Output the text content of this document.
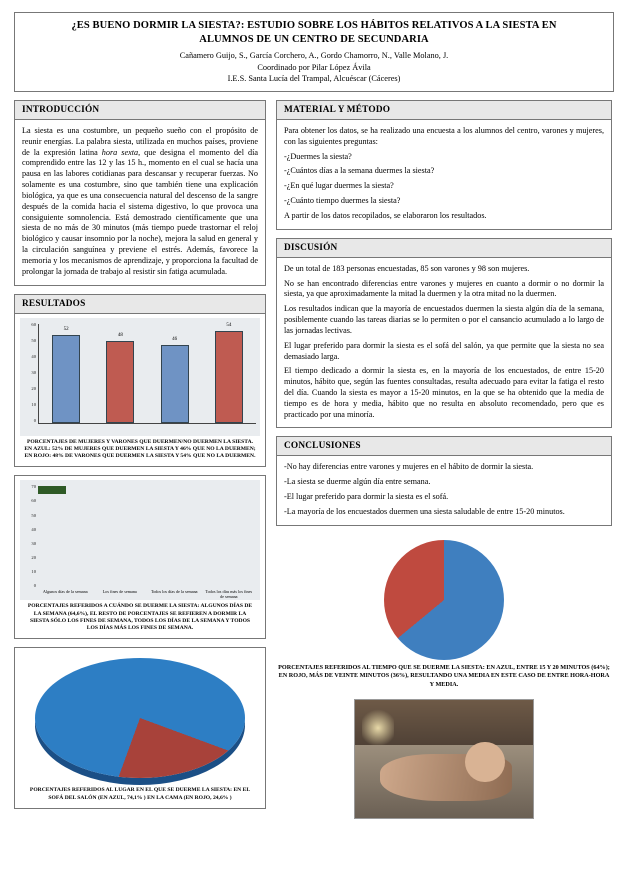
¿ES BUENO DORMIR LA SIESTA?: ESTUDIO SOBRE LOS HÁBITOS RELATIVOS A LA SIESTA EN
ALUMNOS DE UN CENTRO DE SECUNDARIA
Cañamero Guijo, S., García Corchero, A., Gordo Chamorro, N., Valle Molano, J.
Coordinado por Pilar López Ávila
I.E.S. Santa Lucía del Trampal, Alcuéscar (Cáceres)
INTRODUCCIÓN

La siesta es una costumbre, un pequeño sueño con el propósito de reunir energías. La palabra siesta, utilizada en muchos países, proviene de la expresión latina hora sexta, que designa el momento del día comprendido entre las 12 y las 15 h., momento en el cual se hacía una pausa en las labores cotidianas para descansar y recuperar fuerzas. No solamente es una costumbre, sino que también tiene una explicación biológica, ya que es una consecuencia natural del descenso de la sangre después de la comida hacia el sistema digestivo, lo que provoca una consiguiente somnolencia. Está demostrado científicamente que una siesta de no más de 30 minutos (más tiempo puede trastornar el reloj biológico y causar insomnio por la noche), mejora la salud en general y la circulación sanguínea y previene el estrés. Además, favorece la memoria y los mecanismos de aprendizaje, y proporciona la facultad de prolongar la jornada de trabajo al resistir sin fatiga acumulada.

RESULTADOS
60
50
40
30
20
10
0
52
48
46
54
PORCENTAJES DE MUJERES Y VARONES QUE DUERMEN/NO DUERMEN LA SIESTA. EN AZUL: 52% DE MUJERES QUE DUERMEN LA SIESTA Y 46% QUE NO LA DUERMEN; EN ROJO: 48% DE VARONES QUE DUERMEN LA SIESTA Y 54% QUE NO LA DUERMEN.
70
60
50
40
30
20
10
0
Algunos días de la semana	Los fines de semana	Todos los días de la semana	Todos los días más los fines de semana
PORCENTAJES REFERIDOS A CUÁNDO SE DUERME LA SIESTA: ALGUNOS DÍAS DE LA SEMANA (64,6%), EL RESTO DE PORCENTAJES SE REFIEREN A DORMIR LA SIESTA SÓLO LOS FINES DE SEMANA, TODOS LOS DÍAS DE LA SEMANA Y TODOS LOS DÍAS MÁS LOS FINES DE SEMANA.
PORCENTAJES REFERIDOS AL LUGAR EN EL QUE SE DUERME LA SIESTA: EN EL SOFÁ DEL SALÓN (EN AZUL, 74,1% ) EN LA CAMA (EN ROJO, 24,6% )
MATERIAL Y MÉTODO

Para obtener los datos, se ha realizado una encuesta a los alumnos del centro, varones y mujeres, con las siguientes preguntas:

-¿Duermes la siesta?

-¿Cuántos días a la semana duermes la siesta?

-¿En qué lugar duermes la siesta?

-¿Cuánto tiempo duermes la siesta?

A partir de los datos recopilados, se elaboraron los resultados.

DISCUSIÓN

De un total de 183 personas encuestadas, 85 son varones y 98 son mujeres.

No se han encontrado diferencias entre varones y mujeres en cuanto a dormir o no dormir la siesta, ya que aproximadamente la mitad la duermen y la otra mitad no la duermen.

Los resultados indican que la mayoría de encuestados duermen la siesta algún día de la semana, posiblemente cuando las tareas diarias se lo permiten o por el cansancio acumulado a lo largo de las jornadas lectivas.

El lugar preferido para dormir la siesta es el sofá del salón, ya que permite que la siesta no sea demasiado larga.

El tiempo dedicado a dormir la siesta es, en la mayoría de los encuestados, de entre 15-20 minutos, hábito que, según las fuentes consultadas, resulta adecuado para evitar la fatiga el resto del día. Cuando la siesta es mayor a 15-20 minutos, en la que se ha obtenido que la media de tiempo es de hora y media, hábito que no resulta en absoluto recomendado, pero que es practicado por una minoría.

CONCLUSIONES

-No hay diferencias entre varones y mujeres en el hábito de dormir la siesta.

-La siesta se duerme algún día entre semana.

-El lugar preferido para dormir la siesta es el sofá.

-La mayoría de los encuestados duermen una siesta saludable de entre 15-20 minutos.

PORCENTAJES REFERIDOS AL TIEMPO QUE SE DUERME LA SIESTA: EN AZUL, ENTRE 15 Y 20 MINUTOS (64%); EN ROJO, MÁS DE VEINTE MINUTOS (36%), RESULTANDO UNA MEDIA EN ESTE CASO DE ENTRE HORA-HORA Y MEDIA.
